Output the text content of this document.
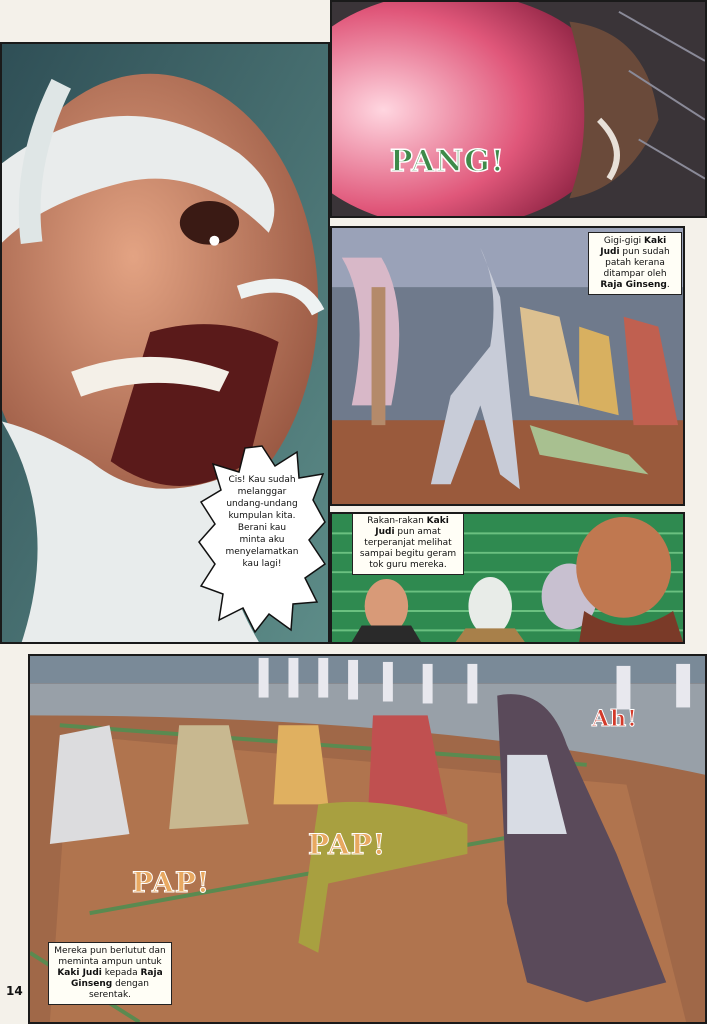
Cis! Kau sudah
melanggar
undang-undang
kumpulan kita.
Berani kau
minta aku
menyelamatkan
kau lagi!
PANG!
Gigi-gigi Kaki Judi pun sudah patah kerana ditampar oleh Raja Ginseng.
Rakan-rakan Kaki Judi pun amat terperanjat melihat sampai begitu geram tok guru mereka.
Ah!
PAP!
PAP!
Mereka pun berlutut dan meminta ampun untuk Kaki Judi kepada Raja Ginseng dengan serentak.
14
